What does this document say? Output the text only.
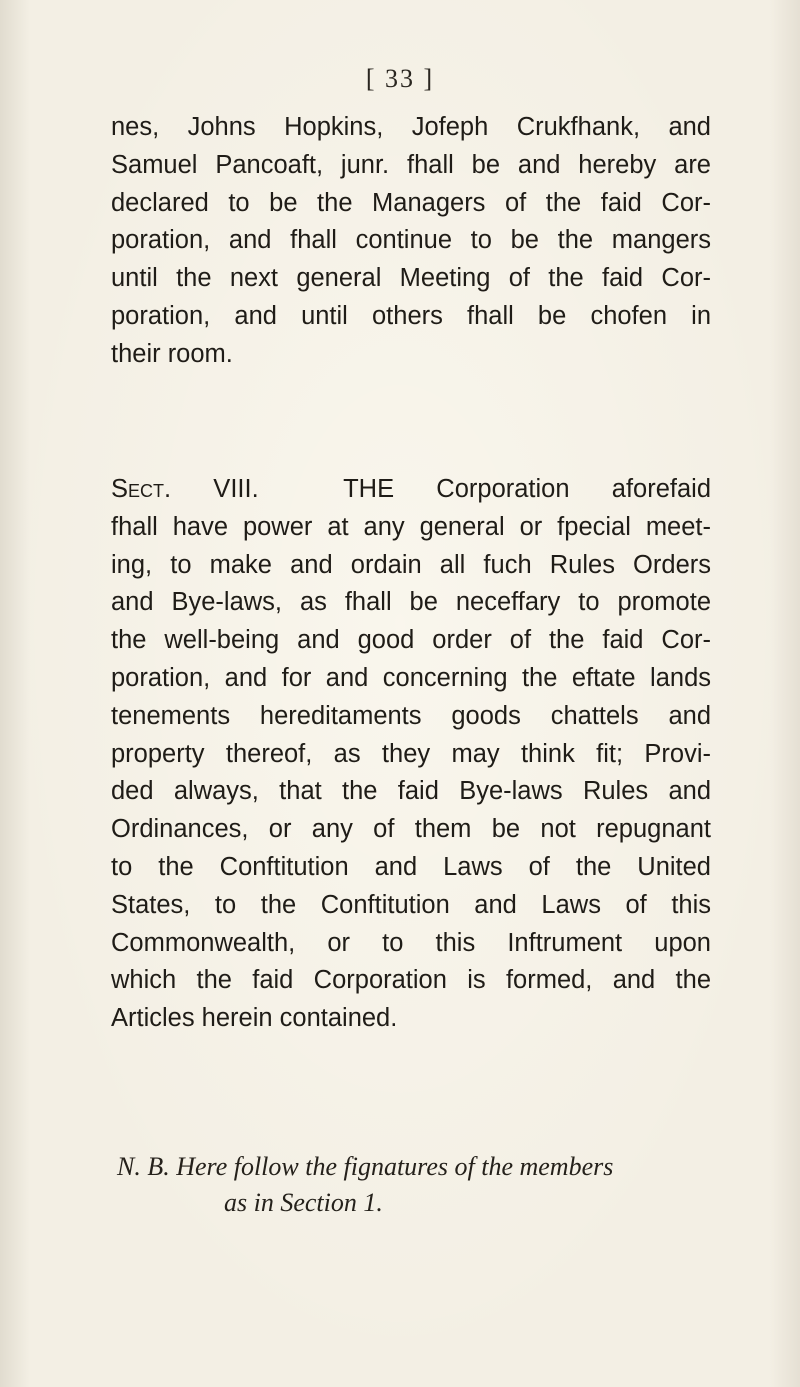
[ 33 ]
nes, Johns Hopkins, Jofeph Crukfhank, and
Samuel Pancoaft, junr. fhall be and hereby are
declared to be the Managers of the faid Cor-
poration, and fhall continue to be the mangers
until the next general Meeting of the faid Cor-
poration, and until others fhall be chofen in
their room.
Sect. VIII.	THE Corporation aforefaid
fhall have power at any general or fpecial meet-
ing, to make and ordain all fuch Rules Orders
and Bye-laws, as fhall be neceffary to promote
the well-being and good order of the faid Cor-
poration, and for and concerning the eftate lands
tenements hereditaments goods chattels and
property thereof, as they may think fit; Provi-
ded always, that the faid Bye-laws Rules and
Ordinances, or any of them be not repugnant
to the Conftitution and Laws of the United
States, to the Conftitution and Laws of this
Commonwealth, or to this Inftrument upon
which the faid Corporation is formed, and the
Articles herein contained.
N. B. Here follow the fignatures of the members
as in Section 1.
